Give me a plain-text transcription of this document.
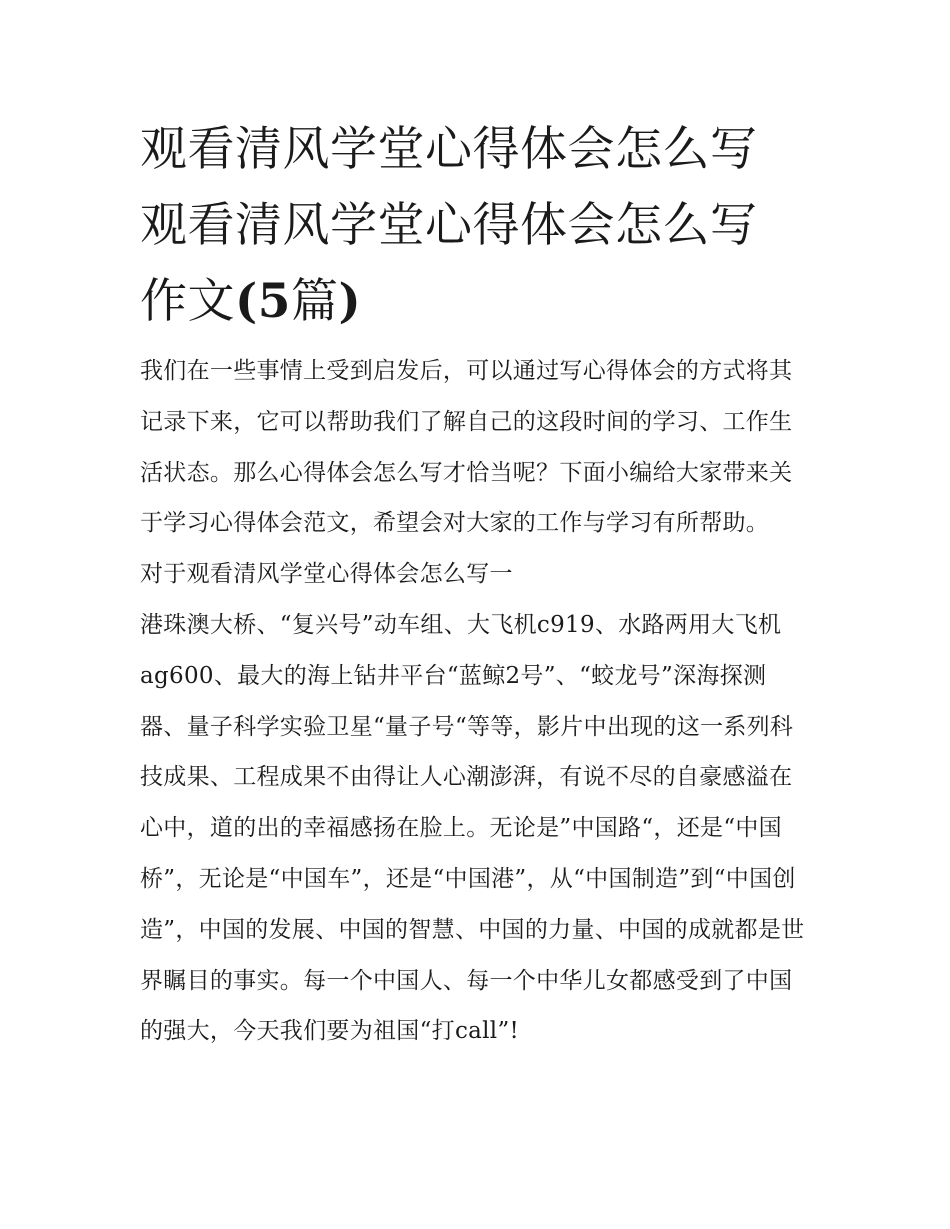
观看清风学堂心得体会怎么写
观看清风学堂心得体会怎么写
作文(5篇)

我们在一些事情上受到启发后，可以通过写心得体会的方式将其记录下来，它可以帮助我们了解自己的这段时间的学习、工作生活状态。那么心得体会怎么写才恰当呢？下面小编给大家带来关于学习心得体会范文，希望会对大家的工作与学习有所帮助。

对于观看清风学堂心得体会怎么写一

港珠澳大桥、“复兴号”动车组、大飞机c919、水路两用大飞机ag600、最大的海上钻井平台“蓝鲸2号”、“蛟龙号”深海探测器、量子科学实验卫星“量子号“等等，影片中出现的这一系列科技成果、工程成果不由得让人心潮澎湃，有说不尽的自豪感溢在心中，道的出的幸福感扬在脸上。无论是”中国路“，还是“中国桥”，无论是“中国车”，还是“中国港”，从“中国制造”到“中国创造”，中国的发展、中国的智慧、中国的力量、中国的成就都是世界瞩目的事实。每一个中国人、每一个中华儿女都感受到了中国的强大，今天我们要为祖国“打call”!
